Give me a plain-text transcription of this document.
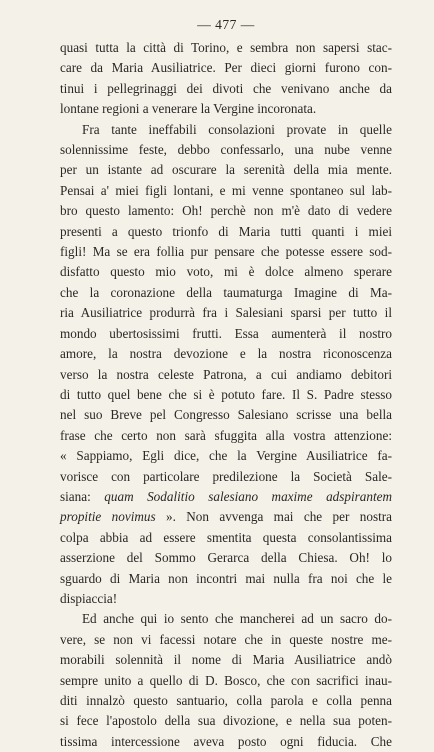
— 477 —

quasi tutta la città di Torino, e sembra non sapersi stac-
care da Maria Ausiliatrice. Per dieci giorni furono con-
tinui i pellegrinaggi dei divoti che venivano anche da
lontane regioni a venerare la Vergine incoronata.

Fra tante ineffabili consolazioni provate in quelle
solennissime feste, debbo confessarlo, una nube venne
per un istante ad oscurare la serenità della mia mente.
Pensai a' miei figli lontani, e mi venne spontaneo sul lab-
bro questo lamento: Oh! perchè non m'è dato di vedere
presenti a questo trionfo di Maria tutti quanti i miei
figli! Ma se era follia pur pensare che potesse essere sod-
disfatto questo mio voto, mi è dolce almeno sperare
che la coronazione della taumaturga Imagine di Ma-
ria Ausiliatrice produrrà fra i Salesiani sparsi per tutto il
mondo ubertosissimi frutti. Essa aumenterà il nostro
amore, la nostra devozione e la nostra riconoscenza
verso la nostra celeste Patrona, a cui andiamo debitori
di tutto quel bene che si è potuto fare. Il S. Padre stesso
nel suo Breve pel Congresso Salesiano scrisse una bella
frase che certo non sarà sfuggita alla vostra attenzione:
« Sappiamo, Egli dice, che la Vergine Ausiliatrice fa-
vorisce con particolare predilezione la Società Sale-
siana: quam Sodalitio salesiano maxime adspirantem
propitie novimus ». Non avvenga mai che per nostra
colpa abbia ad essere smentita questa consolantissima
asserzione del Sommo Gerarca della Chiesa. Oh! lo
sguardo di Maria non incontri mai nulla fra noi che le
dispiaccia!

Ed anche qui io sento che mancherei ad un sacro do-
vere, se non vi facessi notare che in queste nostre me-
morabili solennità il nome di Maria Ausiliatrice andò
sempre unito a quello di D. Bosco, che con sacrifici inau-
diti innalzò questo santuario, colla parola e colla penna
si fece l'apostolo della sua divozione, e nella sua poten-
tissima intercessione aveva posto ogni fiducia. Che
